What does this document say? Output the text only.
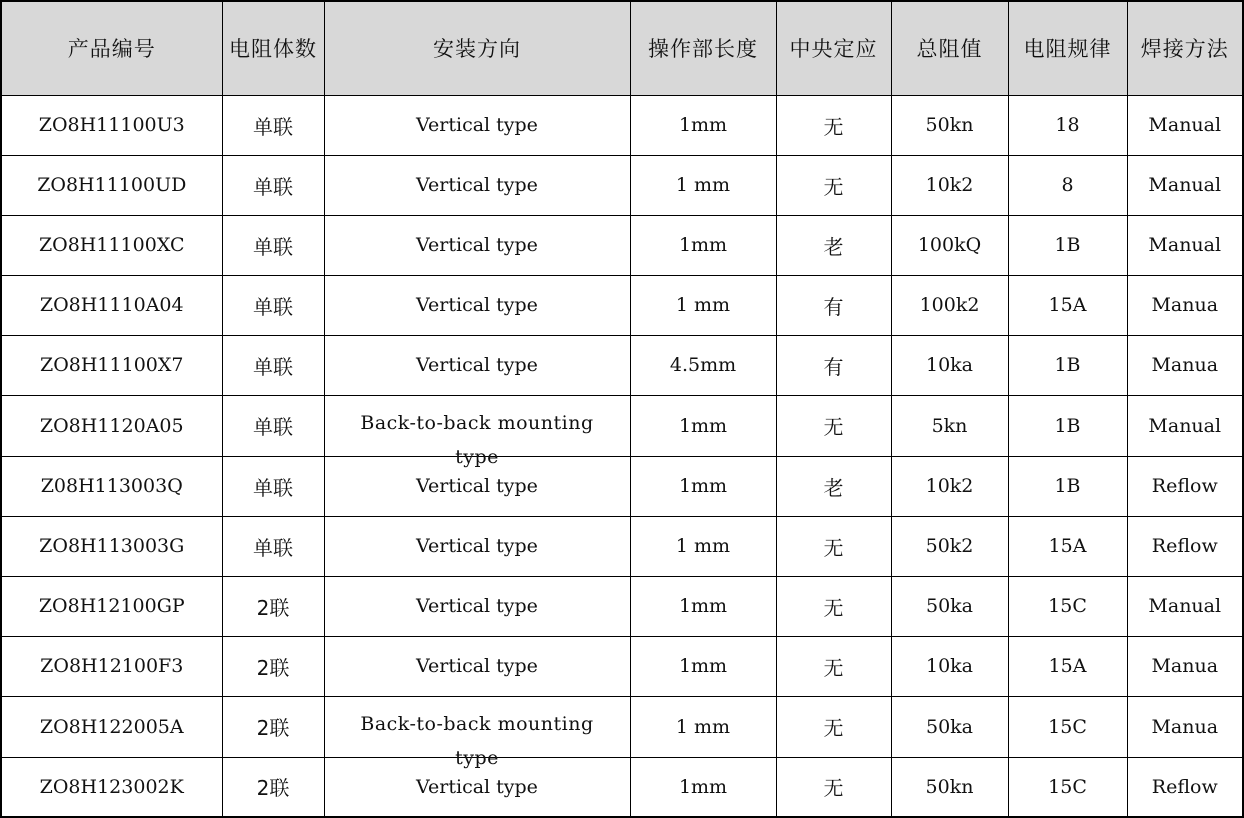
产品编号	电阻体数	安装方向	操作部长度	中央定应	总阻值	电阻规律	焊接方法
ZO8H11100U3	单联	Vertical type	1mm	无	50kn	18	Manual
ZO8H11100UD	单联	Vertical type	1 mm	无	10k2	8	Manual
ZO8H11100XC	单联	Vertical type	1mm	老	100kQ	1B	Manual
ZO8H1110A04	单联	Vertical type	1 mm	有	100k2	15A	Manua
ZO8H11100X7	单联	Vertical type	4.5mm	有	10ka	1B	Manua
ZO8H1120A05	单联	Back-to-back mounting type	1mm	无	5kn	1B	Manual
Z08H113003Q	单联	Vertical type	1mm	老	10k2	1B	Reflow
ZO8H113003G	单联	Vertical type	1 mm	无	50k2	15A	Reflow
ZO8H12100GP	2联	Vertical type	1mm	无	50ka	15C	Manual
ZO8H12100F3	2联	Vertical type	1mm	无	10ka	15A	Manua
ZO8H122005A	2联	Back-to-back mounting type	1 mm	无	50ka	15C	Manua
ZO8H123002K	2联	Vertical type	1mm	无	50kn	15C	Reflow
